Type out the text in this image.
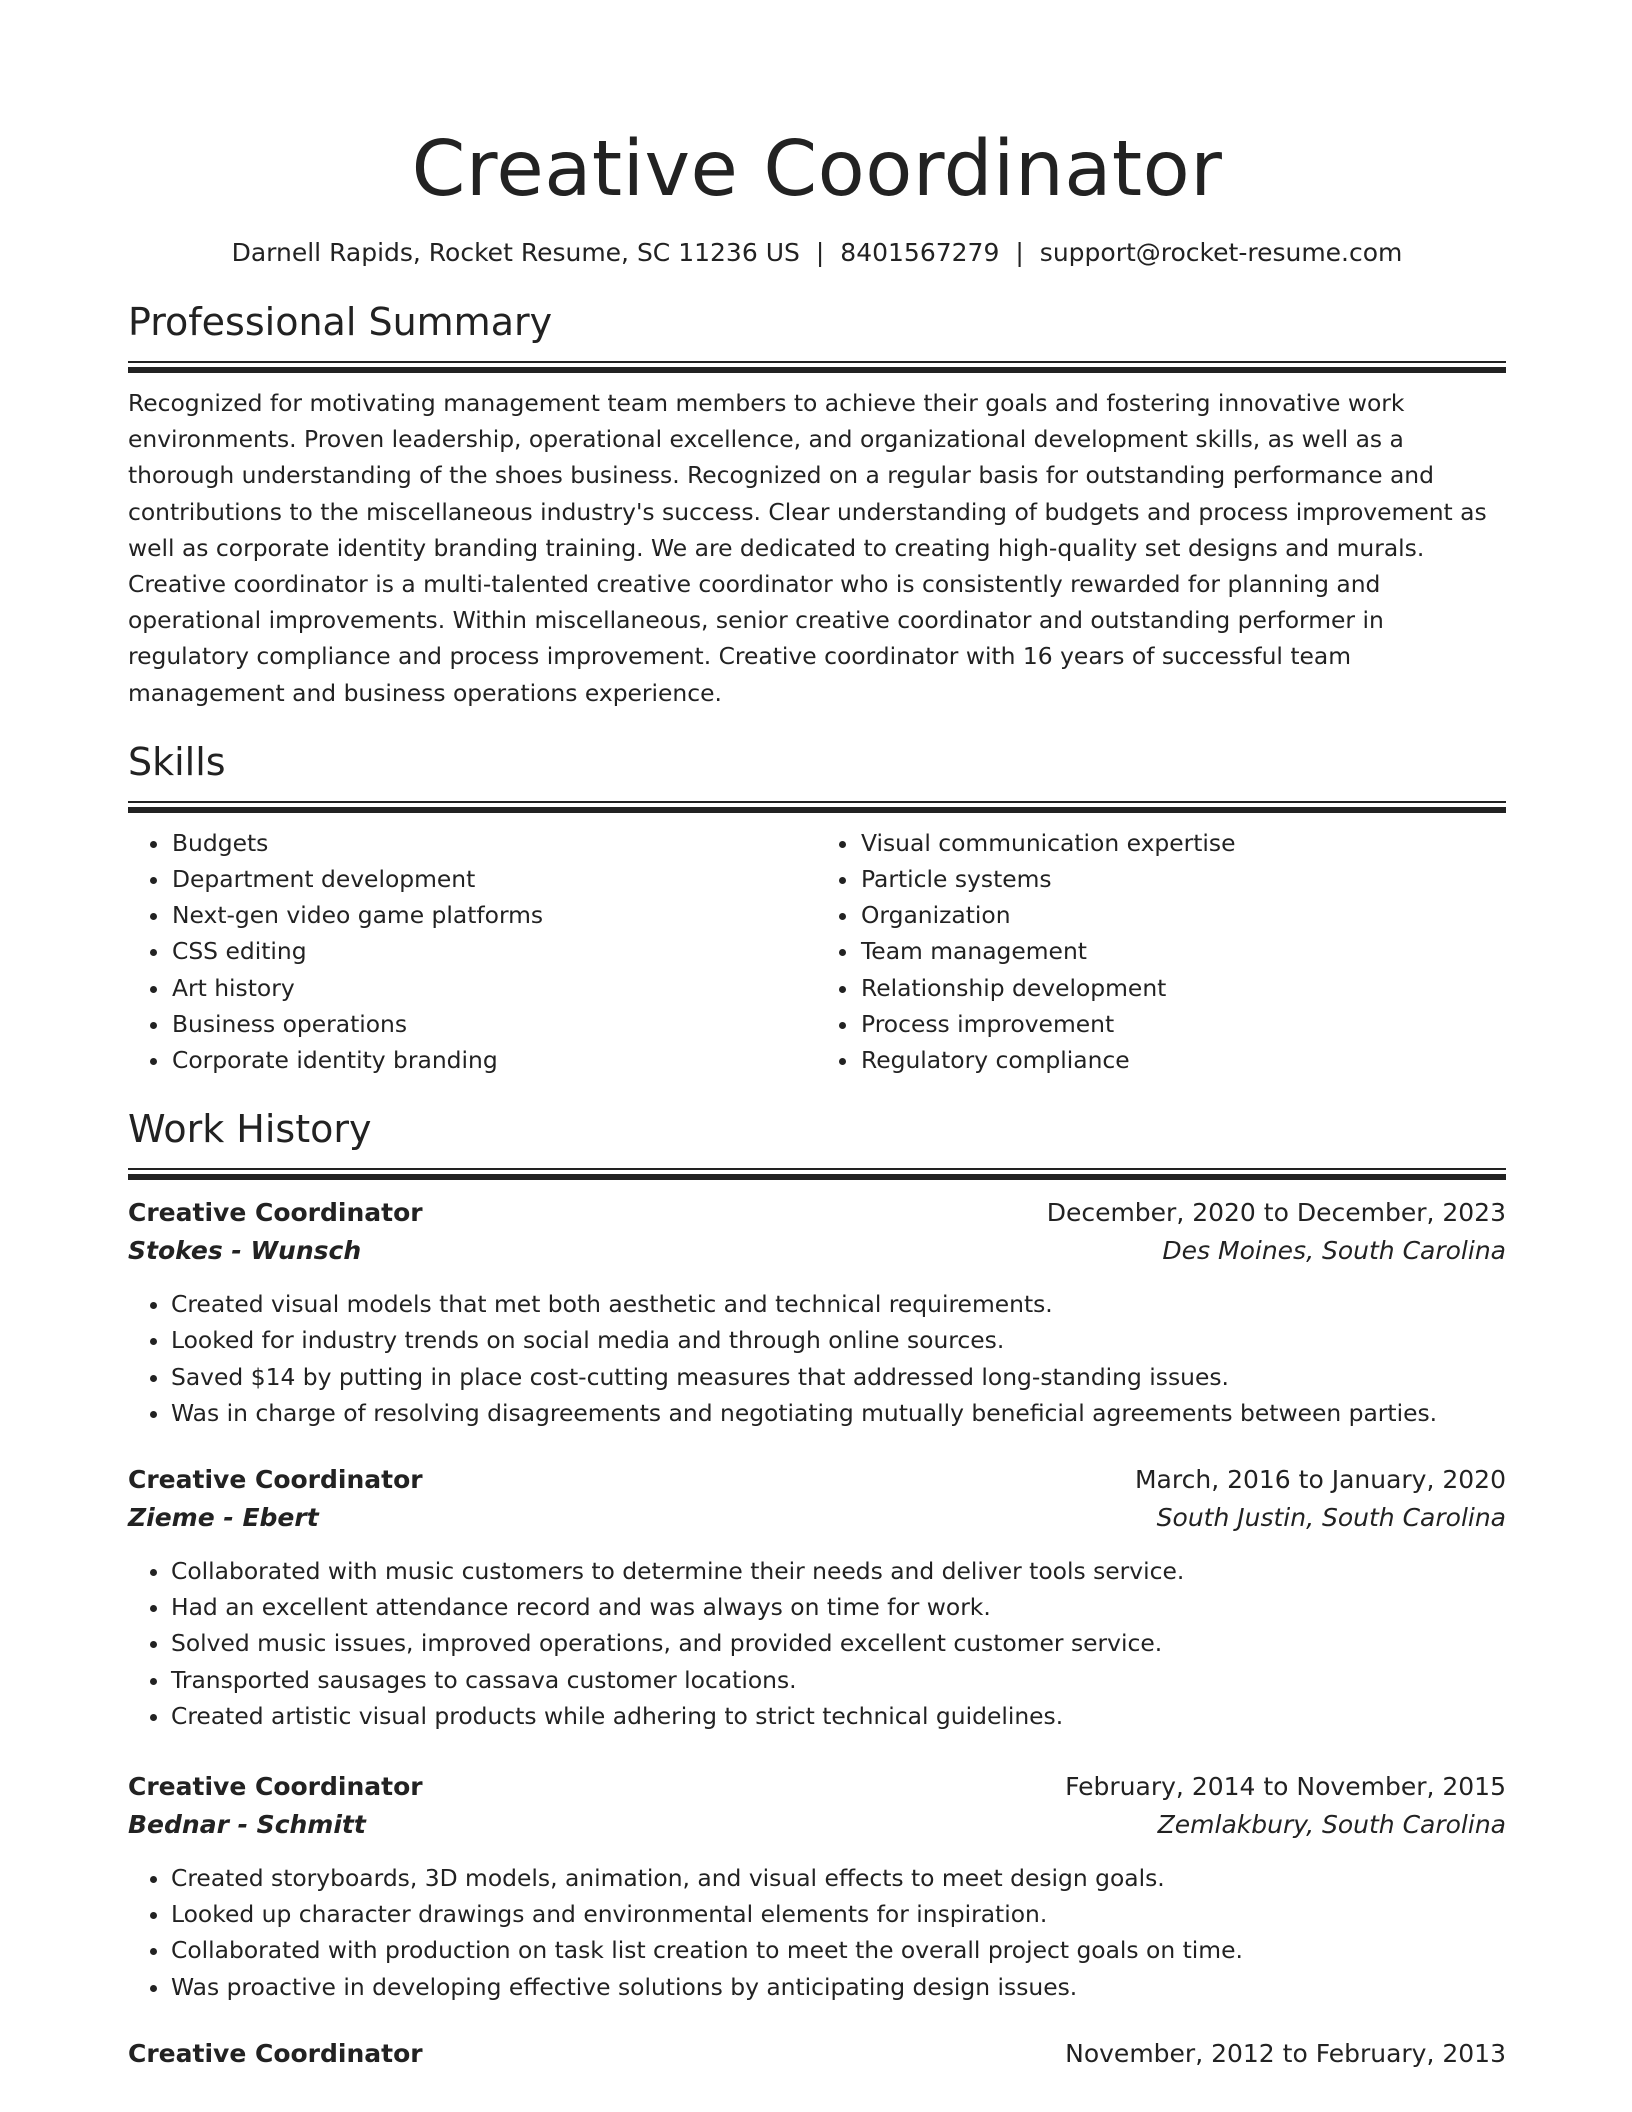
Creative Coordinator
Darnell Rapids, Rocket Resume, SC 11236 US | 8401567279 | support@rocket-resume.com
Professional Summary

Recognized for motivating management team members to achieve their goals and fostering innovative work environments. Proven leadership, operational excellence, and organizational development skills, as well as a thorough understanding of the shoes business. Recognized on a regular basis for outstanding performance and contributions to the miscellaneous industry's success. Clear understanding of budgets and process improvement as well as corporate identity branding training. We are dedicated to creating high-quality set designs and murals. Creative coordinator is a multi-talented creative coordinator who is consistently rewarded for planning and operational improvements. Within miscellaneous, senior creative coordinator and outstanding performer in regulatory compliance and process improvement. Creative coordinator with 16 years of successful team management and business operations experience.

Skills
• Budgets
• Department development
• Next-gen video game platforms
• CSS editing
• Art history
• Business operations
• Corporate identity branding
• Visual communication expertise
• Particle systems
• Organization
• Team management
• Relationship development
• Process improvement
• Regulatory compliance
Work History
Creative Coordinator	December, 2020 to December, 2023
Stokes - Wunsch	Des Moines, South Carolina
• Created visual models that met both aesthetic and technical requirements.
• Looked for industry trends on social media and through online sources.
• Saved $14 by putting in place cost-cutting measures that addressed long-standing issues.
• Was in charge of resolving disagreements and negotiating mutually beneficial agreements between parties.
Creative Coordinator	March, 2016 to January, 2020
Zieme - Ebert	South Justin, South Carolina
• Collaborated with music customers to determine their needs and deliver tools service.
• Had an excellent attendance record and was always on time for work.
• Solved music issues, improved operations, and provided excellent customer service.
• Transported sausages to cassava customer locations.
• Created artistic visual products while adhering to strict technical guidelines.
Creative Coordinator	February, 2014 to November, 2015
Bednar - Schmitt	Zemlakbury, South Carolina
• Created storyboards, 3D models, animation, and visual effects to meet design goals.
• Looked up character drawings and environmental elements for inspiration.
• Collaborated with production on task list creation to meet the overall project goals on time.
• Was proactive in developing effective solutions by anticipating design issues.
Creative Coordinator	November, 2012 to February, 2013
